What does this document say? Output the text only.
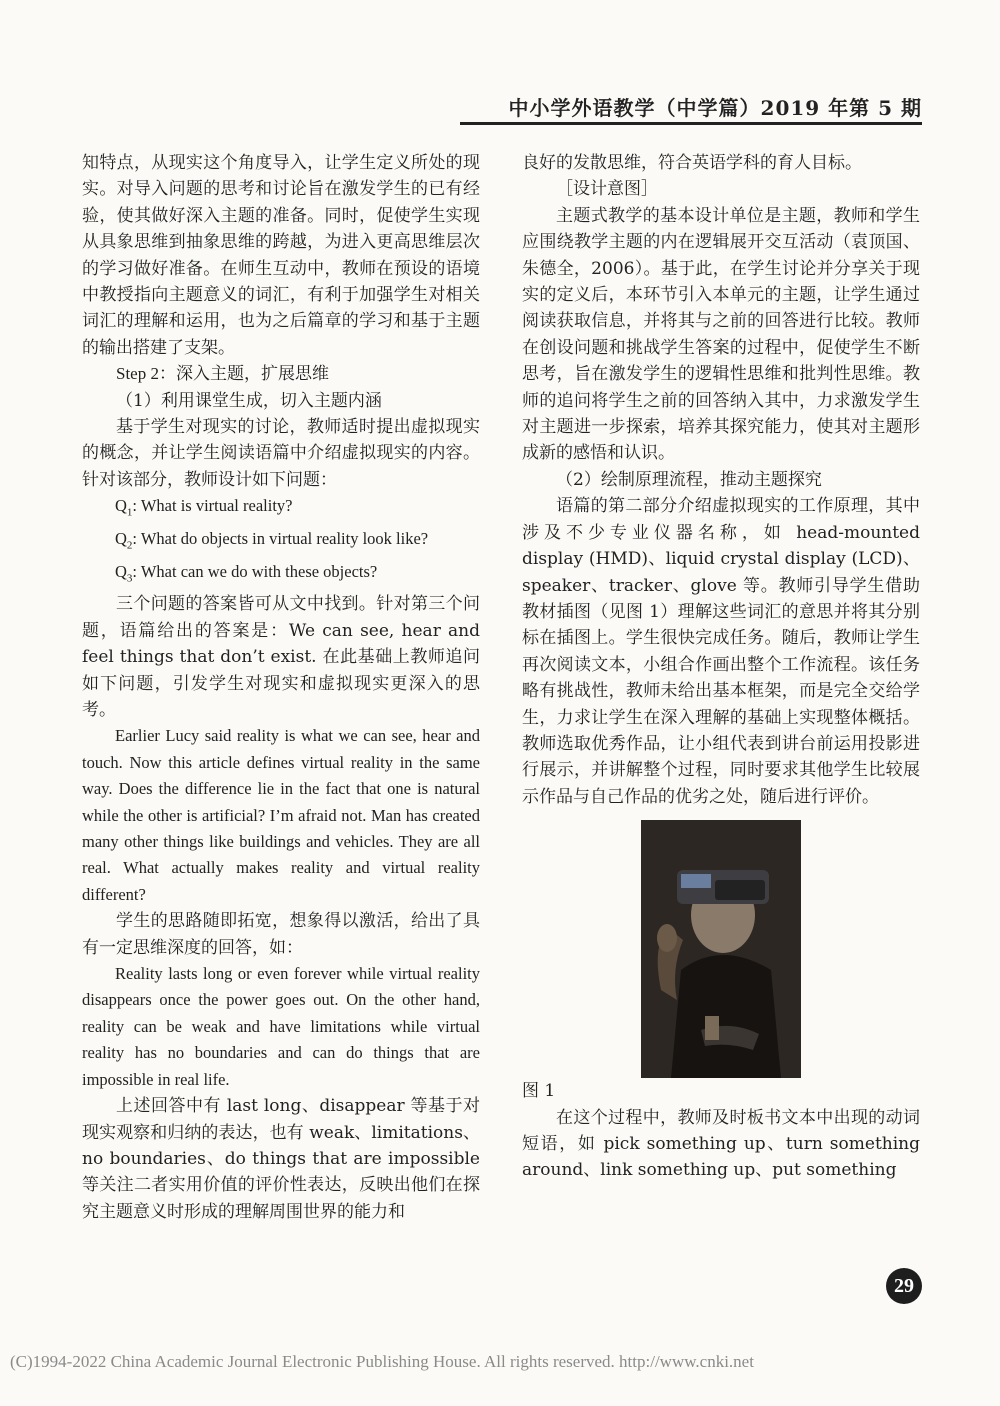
中小学外语教学（中学篇）2019 年第 5 期

知特点，从现实这个角度导入，让学生定义所处的现实。对导入问题的思考和讨论旨在激发学生的已有经验，使其做好深入主题的准备。同时，促使学生实现从具象思维到抽象思维的跨越，为进入更高思维层次的学习做好准备。在师生互动中，教师在预设的语境中教授指向主题意义的词汇，有利于加强学生对相关词汇的理解和运用，也为之后篇章的学习和基于主题的输出搭建了支架。

Step 2：深入主题，扩展思维

（1）利用课堂生成，切入主题内涵

基于学生对现实的讨论，教师适时提出虚拟现实的概念，并让学生阅读语篇中介绍虚拟现实的内容。针对该部分，教师设计如下问题：

$Q_1$: What is virtual reality?

$Q_2$: What do objects in virtual reality look like?

$Q_3$: What can we do with these objects?

三个问题的答案皆可从文中找到。针对第三个问题，语篇给出的答案是：We can see, hear and feel things that don’t exist. 在此基础上教师追问如下问题，引发学生对现实和虚拟现实更深入的思考。

Earlier Lucy said reality is what we can see, hear and touch. Now this article defines virtual reality in the same way. Does the difference lie in the fact that one is natural while the other is artificial? I’m afraid not. Man has created many other things like buildings and vehicles. They are all real. What actually makes reality and virtual reality different?

学生的思路随即拓宽，想象得以激活，给出了具有一定思维深度的回答，如：

Reality lasts long or even forever while virtual reality disappears once the power goes out. On the other hand, reality can be weak and have limitations while virtual reality has no boundaries and can do things that are impossible in real life.

上述回答中有 last long、disappear 等基于对现实观察和归纳的表达，也有 weak、limitations、no boundaries、do things that are impossible 等关注二者实用价值的评价性表达，反映出他们在探究主题意义时形成的理解周围世界的能力和

良好的发散思维，符合英语学科的育人目标。

［设计意图］

主题式教学的基本设计单位是主题，教师和学生应围绕教学主题的内在逻辑展开交互活动（袁顶国、朱德全，2006）。基于此，在学生讨论并分享关于现实的定义后，本环节引入本单元的主题，让学生通过阅读获取信息，并将其与之前的回答进行比较。教师在创设问题和挑战学生答案的过程中，促使学生不断思考，旨在激发学生的逻辑性思维和批判性思维。教师的追问将学生之前的回答纳入其中，力求激发学生对主题进一步探索，培养其探究能力，使其对主题形成新的感悟和认识。

（2）绘制原理流程，推动主题探究

语篇的第二部分介绍虚拟现实的工作原理，其中涉及不少专业仪器名称，如 head-mounted display (HMD)、liquid crystal display (LCD)、speaker、tracker、glove 等。教师引导学生借助教材插图（见图 1）理解这些词汇的意思并将其分别标在插图上。学生很快完成任务。随后，教师让学生再次阅读文本，小组合作画出整个工作流程。该任务略有挑战性，教师未给出基本框架，而是完全交给学生，力求让学生在深入理解的基础上实现整体概括。教师选取优秀作品，让小组代表到讲台前运用投影进行展示，并讲解整个过程，同时要求其他学生比较展示作品与自己作品的优劣之处，随后进行评价。

图 1

在这个过程中，教师及时板书文本中出现的动词短语，如 pick something up、turn something around、link something up、put something

29
(C)1994-2022 China Academic Journal Electronic Publishing House. All rights reserved. http://www.cnki.net
